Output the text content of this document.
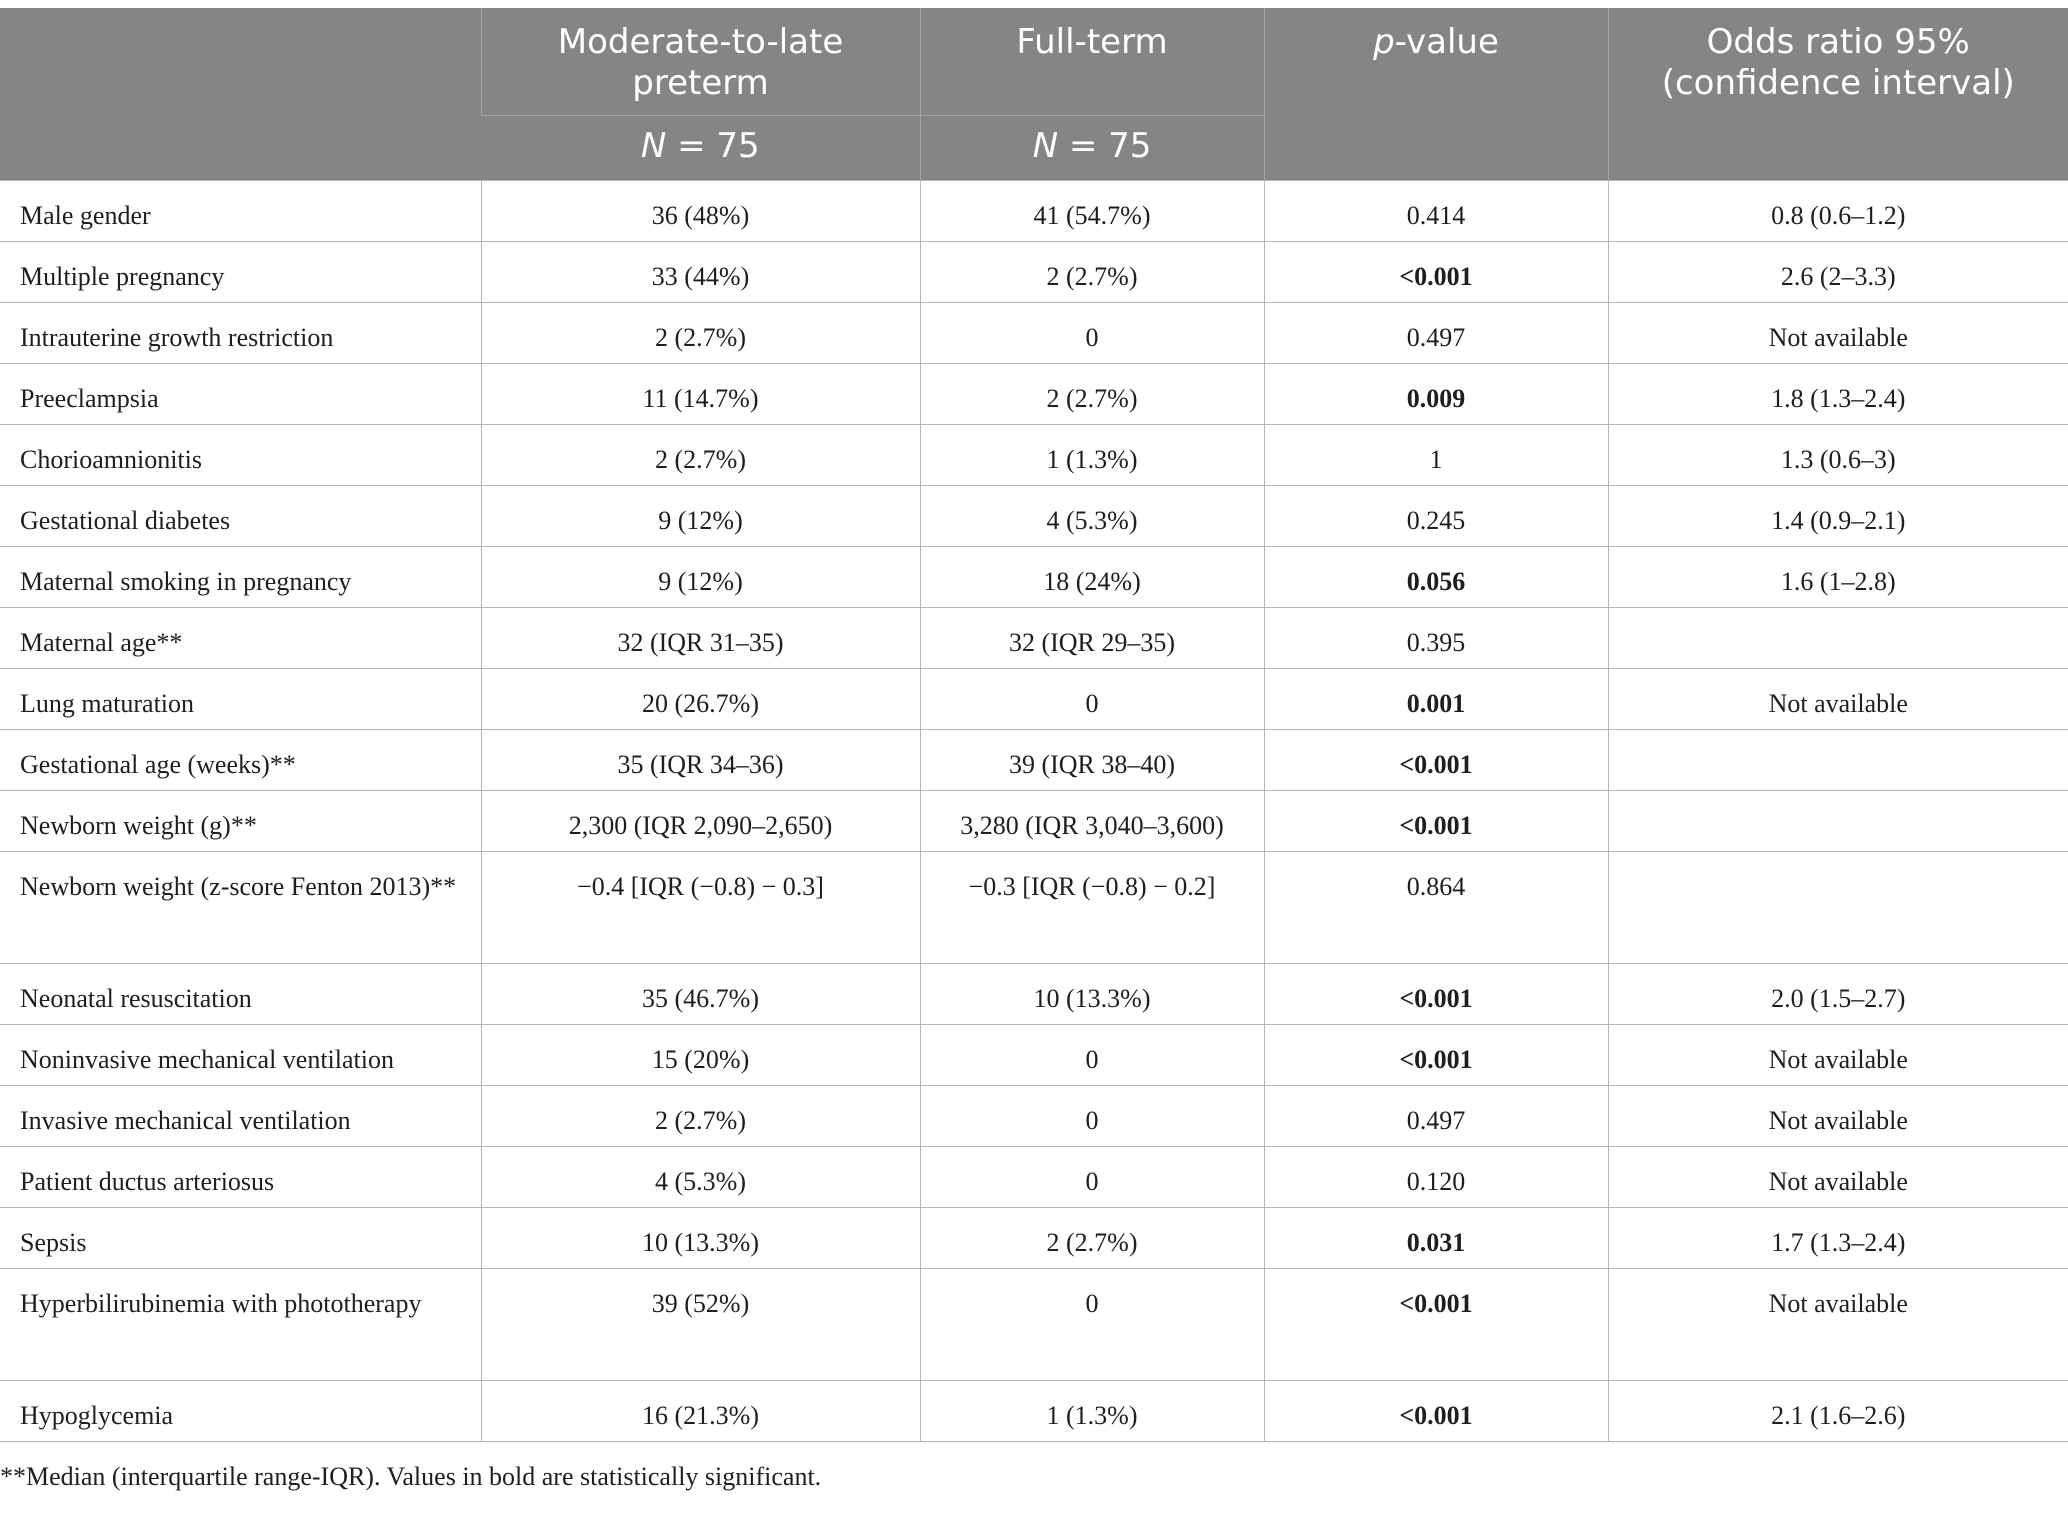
	Moderate-to-late preterm	Full-term	p-value	Odds ratio 95% (confidence interval)
	N = 75	N = 75		
Male gender	36 (48%)	41 (54.7%)	0.414	0.8 (0.6–1.2)
Multiple pregnancy	33 (44%)	2 (2.7%)	<0.001	2.6 (2–3.3)
Intrauterine growth restriction	2 (2.7%)	0	0.497	Not available
Preeclampsia	11 (14.7%)	2 (2.7%)	0.009	1.8 (1.3–2.4)
Chorioamnionitis	2 (2.7%)	1 (1.3%)	1	1.3 (0.6–3)
Gestational diabetes	9 (12%)	4 (5.3%)	0.245	1.4 (0.9–2.1)
Maternal smoking in pregnancy	9 (12%)	18 (24%)	0.056	1.6 (1–2.8)
Maternal age**	32 (IQR 31–35)	32 (IQR 29–35)	0.395	
Lung maturation	20 (26.7%)	0	0.001	Not available
Gestational age (weeks)**	35 (IQR 34–36)	39 (IQR 38–40)	<0.001	
Newborn weight (g)**	2,300 (IQR 2,090–2,650)	3,280 (IQR 3,040–3,600)	<0.001	
Newborn weight (z-score Fenton 2013)**	−0.4 [IQR (−0.8) − 0.3]	−0.3 [IQR (−0.8) − 0.2]	0.864	
Neonatal resuscitation	35 (46.7%)	10 (13.3%)	<0.001	2.0 (1.5–2.7)
Noninvasive mechanical ventilation	15 (20%)	0	<0.001	Not available
Invasive mechanical ventilation	2 (2.7%)	0	0.497	Not available
Patient ductus arteriosus	4 (5.3%)	0	0.120	Not available
Sepsis	10 (13.3%)	2 (2.7%)	0.031	1.7 (1.3–2.4)
Hyperbilirubinemia with phototherapy	39 (52%)	0	<0.001	Not available
Hypoglycemia	16 (21.3%)	1 (1.3%)	<0.001	2.1 (1.6–2.6)
**Median (interquartile range-IQR). Values in bold are statistically significant.
